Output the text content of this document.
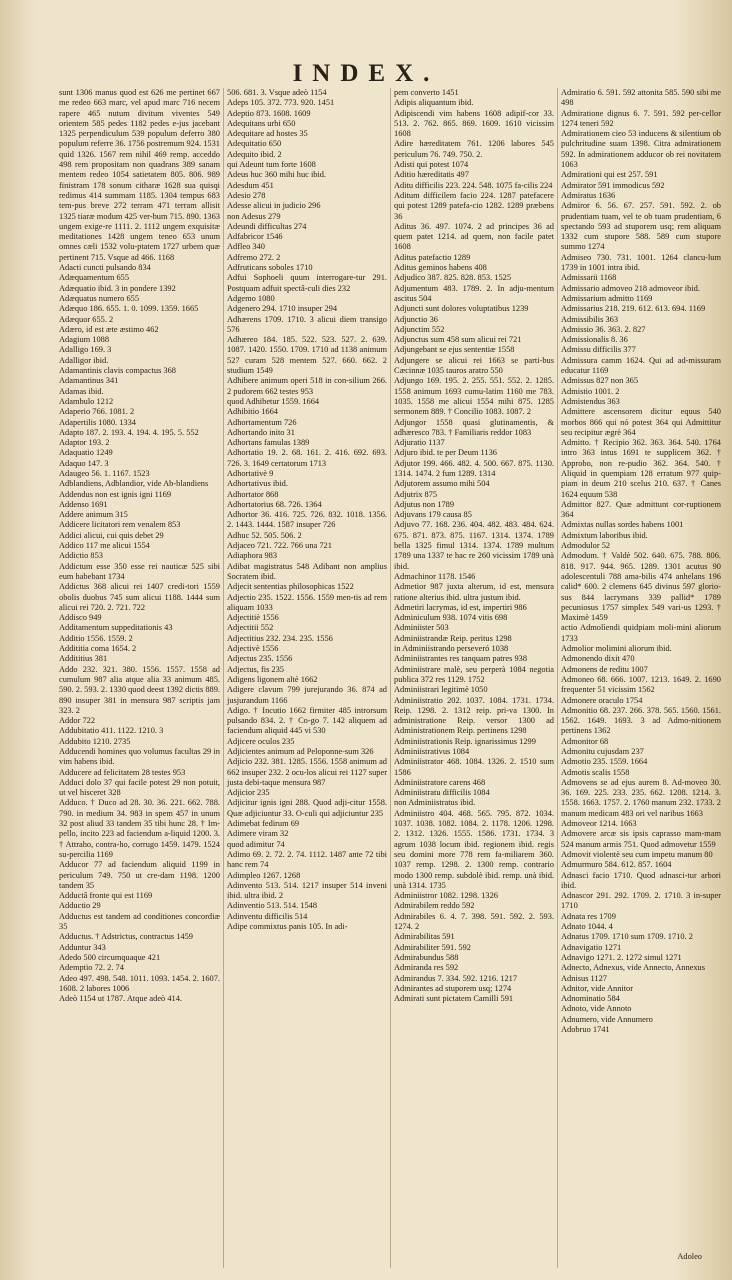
INDEX.

sunt 1306 manus quod est 626 me pertinet 667 me redeo 663 marc, vel apud marc 716 necem rapere 465 nutum divitum viventes 549 orientem 585 pedes 1182 pedes e-jus jacebant 1325 perpendiculum 539 populum deferro 380 populum referre 36. 1756 postremum 924. 1531 quid 1326. 1567 rem nihil 469 remp. acceddo 498 rem propositam non quadrans 389 sanam mentem redeo 1054 satietatem 805. 806. 989 finistram 178 sonum citharæ 1628 sua quisqi redimus 414 summam 1185. 1304 tempus 683 tem-pus breve 272 terram 471 terram allisit 1325 tiaræ modum 425 ver-bum 715. 890. 1363 ungem exige-re 1111. 2. 1112 ungem exquisitæ meditationes 1428 ungem teneo 653 unum omnes cæli 1532 volu-ptatem 1727 urbem quæ pertinent 715. Vsque ad 466. 1168

Adacti cuncti pulsando 834

Adæquamentum 655

Adæquatio ibid. 3 in pondere 1392

Adæquatus numero 655

Adæquo 186. 655. 1. 0. 1099. 1359. 1665

Adæquor 655. 2

Adæro, id est æte æstimo 462

Adagium 1088

Adalligo 169. 3

Adalligor ibid.

Adamantinis clavis compactus 368

Adamantinus 341

Adamas ibid.

Adambulo 1212

Adaperio 766. 1081. 2

Adapertilis 1080. 1334

Adapto 187. 2. 193. 4. 194. 4. 195. 5. 552

Adaptor 193. 2

Adaquatio 1249

Adaquo 147. 3

Adaugeo 56. 1. 1167. 1523

Adblandiens, Adblandior, vide Ab-blandiens

Addendus non est ignis igni 1169

Addenso 1691

Addere animum 315

Addicere licitatori rem venalem 853

Addici alicui, cui quis debet 29

Addico 117 me alicui 1554

Addictio 853

Addictum esse 350 esse rei nauticæ 525 sibi eum habebant 1734

Addictus 368 alicui rei 1407 credi-tori 1559 obolis duobus 745 sum alicui 1188. 1444 sum alicui rei 720. 2. 721. 722

Addisco 949

Additamentum suppeditationis 43

Additio 1556. 1559. 2

Addititia coma 1654. 2

Addititius 381

Addo 232. 321. 380. 1556. 1557. 1558 ad cumulum 987 alia atque alia 33 animum 485. 590. 2. 593. 2. 1330 quod deest 1392 dictis 889. 890 insuper 381 in mensura 987 scriptis jam 323. 2

Addor 722

Addubitatio 411. 1122. 1210. 3

Addubito 1210. 2735

Adducendi homines quo volumus facultas 29 in vim habens ibid.

Adducere ad felicitatem 28 testes 953

Adduci dolo 37 qui facile potest 29 non potuit, ut vel hisceret 328

Adduco. † Duco ad 28. 30. 36. 221. 662. 788. 790. in medium 34. 983 in spem 457 in unum 32 post aliud 33 tandem 35 tibi hunc 28. † Im-pello, incito 223 ad faciendum a-liquid 1200. 3. † Attraho, contra-ho, corrugo 1459. 1479. 1524 su-percilia 1169

Adducor 77 ad faciendum aliquid 1199 in periculum 749. 750 ut cre-dam 1198. 1200 tandem 35

Adductâ fronte qui est 1169

Adductio 29

Adductus est tandem ad conditiones concordiæ 35

Adductus. † Adstrictus, contractus 1459

Adduntur 343

Adedo 500 circumquaque 421

Ademptio 72. 2. 74

Adeo 497. 498. 548. 1011. 1093. 1454. 2. 1607. 1608. 2 labores 1006

Adeò 1154 ut 1787. Atque adeò 414.

506. 681. 3. Vsque adeò 1154

Adeps 105. 372. 773. 920. 1451

Adeptio 873. 1608. 1609

Adequitans urbi 650

Adequitare ad hostes 35

Adequitatio 650

Adequito ibid. 2

qui Adeunt tum forte 1608

Adeus huc 360 mihi huc ibid.

Adesdum 451

Adesio 278

Adesse alicui in judicio 296

non Adesus 279

Adeundi difficultas 274

Adfabricor 1546

Adfleo 340

Adfremo 272. 2

Adfruticans soboles 1710

Adfui Sophoeli quum interrogare-tur 291. Postquam adfuit spectâ-culi dies 232

Adgemo 1080

Adgenero 294. 1710 insuper 294

Adhærens 1709. 1710. 3 alicui diem transigo 576

Adhæreo 184. 185. 522. 523. 527. 2. 639. 1087. 1420. 1550. 1709. 1710 ad 1138 animum 527 curam 528 mentem 527. 660. 662. 2 studium 1549

Adhibere animum operi 518 in con-silium 266. 2 pudorem 662 testes 953

quod Adhibetur 1559. 1664

Adhibitio 1664

Adhortamentum 726

Adhortando inito 31

Adhortans famulas 1389

Adhortatio 19. 2. 68. 161. 2. 416. 692. 693. 726. 3. 1649 certatorum 1713

Adhortativè 9

Adhortativus ibid.

Adhortator 868

Adhortatorius 68. 726. 1364

Adhortor 36. 416. 725. 726. 832. 1018. 1356. 2. 1443. 1444. 1587 insuper 726

Adhuc 52. 505. 506. 2

Adjaceo 721. 722. 766 una 721

Adiaphora 983

Adibat magistratus 548 Adibant non amplius Socratem ibid.

Adjecit sententias philosophicas 1522

Adjectio 235. 1522. 1556. 1559 men-tis ad rem aliquam 1033

Adjectitiè 1556

Adjectitii 552

Adjectitius 232. 234. 235. 1556

Adjectivè 1556

Adjectus 235. 1556

Adjectus, fis 235

Adigens ligonem altè 1662

Adigere clavum 799 jurejurando 36. 874 ad jusjurandum 1166

Adigo. † Incutio 1662 firmiter 485 introrsum pulsando 834. 2. † Co-go 7. 142 aliquem ad faciendum aliquid 445 vi 530

Adjicere oculos 235

Adjicientes animum ad Peloponne-sum 326

Adjicio 232. 381. 1285. 1556. 1558 animum ad 662 insuper 232. 2 ocu-los alicui rei 1127 super justa debi-taque mensura 987

Adjicior 235

Adjicitur ignis igni 288. Quod adji-citur 1558. Quæ adjiciuntur 33. O-culi qui adjiciuntur 235

Adimebat fedirum 69

Adimere viram 32

quod adimitur 74

Adimo 69. 2. 72. 2. 74. 1112. 1487 ante 72 tibi hanc rem 74

Adimpleo 1267. 1268

Adinvento 513. 514. 1217 insuper 514 inveni ibid. ultra ibid. 2

Adinventio 513. 514. 1548

Adinventu difficilis 514

Adipe commixtus panis 105. In adi-

pem converto 1451

Adipis aliquantum ibid.

Adipiscendi vim habens 1608 adipif-cor 33. 513. 2. 762. 865. 869. 1609. 1610 vicissim 1608

Adire hæreditatem 761. 1206 labores 545 periculum 76. 749. 750. 2.

Adisti qui potest 1074

Aditio hæreditatis 497

Aditu difficilis 223. 224. 548. 1075 fa-cilis 224

Aditum difficilem facio 224. 1287 patefacere qui potest 1289 patefa-cio 1282. 1289 præbens 36

Aditus 36. 497. 1074. 2 ad principes 36 ad quem patet 1214. ad quem, non facile patet 1608

Aditus patefactio 1289

Aditus geminos habens 408

Adjudico 387. 825. 828. 853. 1525

Adjumentum 483. 1789. 2. In adju-mentum ascitus 504

Adjuncti sunt dolores voluptatibus 1239

Adjunctio 36

Adjunctim 552

Adjunctus sum 458 sum alicui rei 721

Adjungebant se ejus sententiæ 1558

Adjungere se alicui rei 1663 se parti-bus Cæcinnæ 1035 tauros aratro 550

Adjungo 169. 195. 2. 255. 551. 552. 2. 1285. 1558 animum 1693 cumu-latim 1160 me 783. 1035. 1558 me alicui 1554 mihi 875. 1285 sermonem 889. † Concilio 1083. 1087. 2

Adjungor 1558 quasi glutinamentis, & adhæresco 783. † Familiaris reddor 1083

Adjuratio 1137

Adjuro ibid. te per Deum 1136

Adjutor 199. 466. 482. 4. 500. 667. 875. 1130. 1314. 1474. 2 fum 1289. 1314

Adjutorem assumo mihi 504

Adjutrix 875

Adjutus non 1789

Adjuvans 179 causa 85

Adjuvo 77. 168. 236. 404. 482. 483. 484. 624. 675. 871. 873. 875. 1167. 1314. 1374. 1789 bella 1325 fimul 1314. 1374. 1789 multum 1789 una 1337 te hac re 260 vicissim 1789 unà ibid.

Admachinor 1178. 1546

Admetior 987 juxta alterum, id est, mensura ratione alterius ibid. ultra justum ibid.

Admetiri lacrymas, id est, impertiri 986

Adminiculum 938. 1074 vitis 698

Adminiister 503

Adminiistrandæ Reip. peritus 1298

in Adminiistrando perseveró 1038

Adminiistrantes res tanquam patres 938

Adminiistrare malè, seu perperà 1084 negotia publica 372 res 1129. 1752

Adminiistrari legitimè 1050

Adminiistratio 202. 1037. 1084. 1731. 1734. Reip. 1298. 2. 1312 reip. pri-va 1300. In administratione Reip. versor 1300 ad Administrationem Reip. pertinens 1298

Adminiistrationis Reip. ignarissimus 1299

Adminiistrativus 1084

Adminiistrator 468. 1084. 1326. 2. 1510 sum 1586

Adminiistratore carens 468

Adminiistratu difficilis 1084

non Adminiistratus ibid.

Adminiistro 404. 468. 565. 795. 872. 1034. 1037. 1038. 1082. 1084. 2. 1178. 1206. 1298. 2. 1312. 1326. 1555. 1586. 1731. 1734. 3 agrum 1038 locum ibid. regionem ibid. regis seu domini more 778 rem fa-miliarem 360. 1037 remp. 1298. 2. 1300 remp. contrario modo 1300 remp. subdolè ibid. remp. unà ibid. unà 1314. 1735

Adminiistror 1082. 1298. 1326

Admirabilem reddo 592

Admirabiles 6. 4. 7. 398. 591. 592. 2. 593. 1274. 2

Admirabilitas 591

Admirabiliter 591. 592

Admirabundus 588

Admiranda res 592

Admirandus 7. 334. 592. 1216. 1217

Admirantes ad stuporem usq; 1274

Admirati sunt pictatem Camilli 591

Admiratio 6. 591. 592 attonita 585. 590 sibi me 498

Admiratione dignus 6. 7. 591. 592 per-cellor 1274 teneri 592

Admirationem cieo 53 inducens & silentium ob pulchritudine suam 1398. Citra admirationem 592. In admirationem adducor ob rei novitatem 1063

Admirationi qui est 257. 591

Admirator 591 immodicus 592

Admiratus 1636

Admiror 6. 56. 67. 257. 591. 592. 2. ob prudentiam tuam, vel te ob tuam prudentiam, 6 spectando 593 ad stuporem usq; rem aliquam 1332 cum stupore 588. 589 cum stupore summo 1274

Admiseo 730. 731. 1001. 1264 clancu-lum 1739 in 1001 intra ibid.

Admissarii 1168

Admissario admoveo 218 admoveor ibid.

Admissarium admitto 1169

Admissarius 218. 219. 612. 613. 694. 1169

Admissibilis 363

Admissio 36. 363. 2. 827

Admissionalis 8. 36

Admissu difficilis 377

Admissura camm 1624. Qui ad ad-missuram educatur 1169

Admissus 827 non 365

Admistio 1001. 2

Admistendus 363

Admittere ascensorem dicitur equus 540 morbos 866 qui nó potest 364 qui Admittitur seu recipitur ægrè 364

Admitto. † Recipio 362. 363. 364. 540. 1764 intro 363 intus 1691 te supplicem 362. † Approbo, non re-pudio 362. 364. 540. † Aliquid in quempiam 128 erratum 977 quip-piam in deum 210 scelus 210. 637. † Canes 1624 equum 538

Admittor 827. Quæ admittunt cor-ruptionem 364

Admixtas nullas sordes habens 1001

Admixtum laboribus ibid.

Admodulor 52

Admodum. † Valdè 502. 640. 675. 788. 806. 818. 917. 944. 965. 1289. 1301 acutus 90 adolescentuli 788 ama-bilis 474 anhelans 196 calid* 600. 2 clemens 645 divinus 597 glorio-sus 844 lacrymans 339 pallid* 1789 pecuniosus 1757 simplex 549 vari-us 1293. † Maximè 1459

actio Admolìendi quidpiam moli-mini aliorum 1733

Admolior molimini aliorum ibid.

Admonendo dixit 470

Admonens de reditu 1007

Admoneo 68. 666. 1007. 1213. 1649. 2. 1690 frequenter 51 vicissim 1562

Admonere oraculo 1754

Admonitio 68. 237. 266. 378. 565. 1560. 1561. 1562. 1649. 1693. 3 ad Admo-nitionem pertinens 1362

Admonitor 68

Admonitu cujusdam 237

Admotio 235. 1559. 1664

Admotis scalis 1558

Admovens se ad ejus aurem 8. Ad-moveo 30. 36. 169. 225. 233. 235. 662. 1208. 1214. 3. 1558. 1663. 1757. 2. 1760 manum 232. 1733. 2 manum medicam 483 ori vel naribus 1663

Admoveor 1214. 1663

Admovere arcæ sis ipsis caprasso mam-mam 524 manum armis 751. Quod admovetur 1559

Admovit violentè seu cum impetu manum 80

Admurmuro 584. 612. 857. 1604

Adnasci facio 1710. Quod adnasci-tur arbori ibid.

Adnascor 291. 292. 1709. 2. 1710. 3 in-super 1710

Adnata res 1709

Adnato 1044. 4

Adnatus 1709. 1710 sum 1709. 1710. 2

Adnavigatio 1271

Adnavigo 1271. 2. 1272 simul 1271

Adnecto, Adnexus, vide Annecto, Annexus

Adnisus 1127

Adnitor, vide Annitor

Adnominatio 584

Adnoto, vide Annoto

Adnumero, vide Annumero

Adobruo 1741

Adoleo
